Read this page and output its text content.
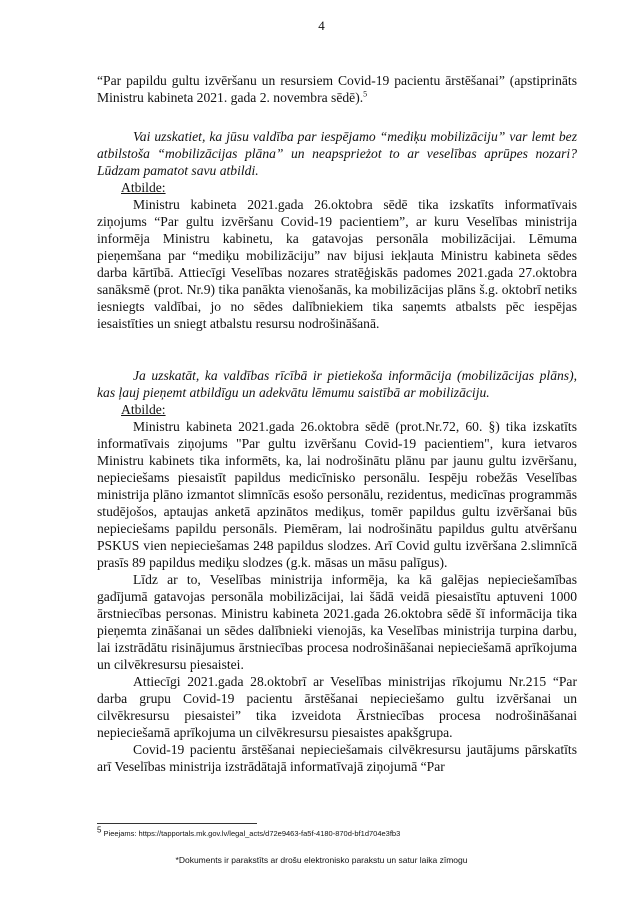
4

“Par papildu gultu izvēršanu un resursiem Covid-19 pacientu ārstēšanai” (apstiprināts Ministru kabineta 2021. gada 2. novembra sēdē).$^5$

Vai uzskatiet, ka jūsu valdība par iespējamo “mediķu mobilizāciju” var lemt bez atbilstoša “mobilizācijas plāna” un neapsprieżot to ar veselības aprūpes nozari? Lūdzam pamatot savu atbildi.

Atbilde:

Ministru kabineta 2021.gada 26.oktobra sēdē tika izskatīts informatīvais ziņojums “Par gultu izvēršanu Covid-19 pacientiem”, ar kuru Veselības ministrija informēja Ministru kabinetu, ka gatavojas personāla mobilizācijai. Lēmuma pieņemšana par “mediķu mobilizāciju” nav bijusi iekļauta Ministru kabineta sēdes darba kārtībā. Attiecīgi Veselības nozares stratēģiskās padomes 2021.gada 27.oktobra sanāksmē (prot. Nr.9) tika panākta vienošanās, ka mobilizācijas plāns š.g. oktobrī netiks iesniegts valdībai, jo no sēdes dalībniekiem tika saņemts atbalsts pēc iespējas iesaistīties un sniegt atbalstu resursu nodrošināšanā.

Ja uzskatāt, ka valdības rīcībā ir pietiekoša informācija (mobilizācijas plāns), kas ļauj pieņemt atbildīgu un adekvātu lēmumu saistībā ar mobilizāciju.

Atbilde:

Ministru kabineta 2021.gada 26.oktobra sēdē (prot.Nr.72, 60. §) tika izskatīts informatīvais ziņojums "Par gultu izvēršanu Covid-19 pacientiem", kura ietvaros Ministru kabinets tika informēts, ka, lai nodrošinātu plānu par jaunu gultu izvēršanu, nepieciešams piesaistīt papildus medicīnisko personālu. Iespēju robežās Veselības ministrija plāno izmantot slimnīcās esošo personālu, rezidentus, medicīnas programmās studējošos, aptaujas anketā apzinātos mediķus, tomēr papildus gultu izvēršanai būs nepieciešams papildu personāls. Piemēram, lai nodrošinātu papildus gultu atvēršanu PSKUS vien nepieciešamas 248 papildus slodzes. Arī Covid gultu izvēršana 2.slimnīcā prasīs 89 papildus mediķu slodzes (g.k. māsas un māsu palīgus).

Līdz ar to, Veselības ministrija informēja, ka kā galējas nepieciešamības gadījumā gatavojas personāla mobilizācijai, lai šādā veidā piesaistītu aptuveni 1000 ārstniecības personas. Ministru kabineta 2021.gada 26.oktobra sēdē šī informācija tika pieņemta zināšanai un sēdes dalībnieki vienojās, ka Veselības ministrija turpina darbu, lai izstrādātu risinājumus ārstniecības procesa nodrošināšanai nepieciešamā aprīkojuma un cilvēkresursu piesaistei.

Attiecīgi 2021.gada 28.oktobrī ar Veselības ministrijas rīkojumu Nr.215 “Par darba grupu Covid-19 pacientu ārstēšanai nepieciešamo gultu izvēršanai un cilvēkresursu piesaistei” tika izveidota Ārstniecības procesa nodrošināšanai nepieciešamā aprīkojuma un cilvēkresursu piesaistes apakšgrupa.

Covid-19 pacientu ārstēšanai nepieciešamais cilvēkresursu jautājums pārskatīts arī Veselības ministrija izstrādātajā informatīvajā ziņojumā “Par

5 Pieejams: https://tapportals.mk.gov.lv/legal_acts/d72e9463-fa5f-4180-870d-bf1d704e3fb3
*Dokuments ir parakstīts ar drošu elektronisko parakstu un satur laika zīmogu
